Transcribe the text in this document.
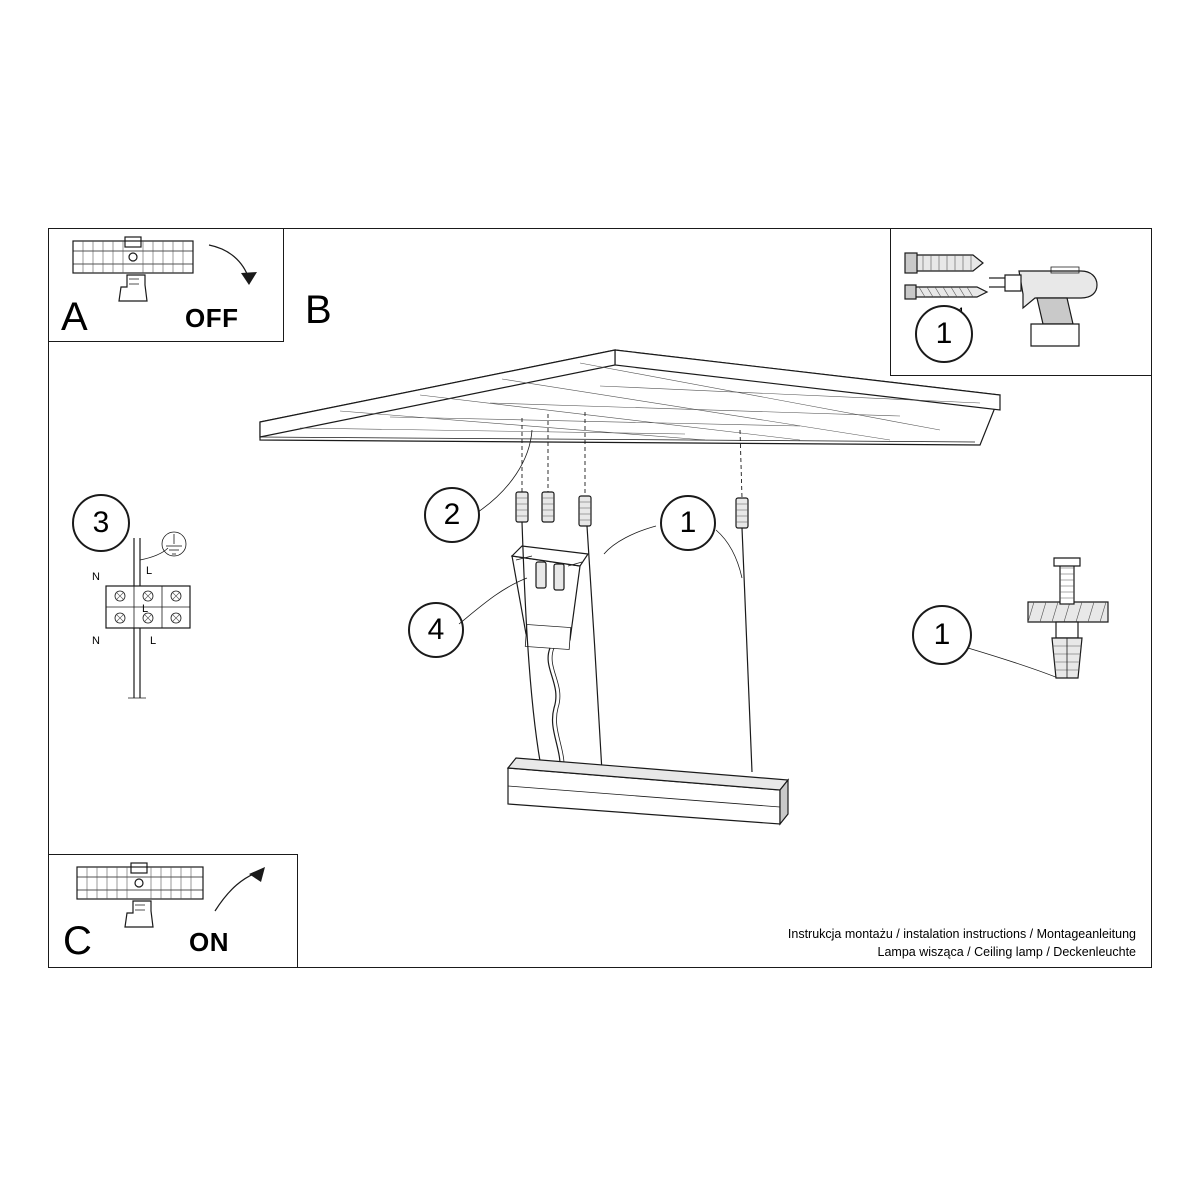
A	OFF B
1
2	1
4	1
3
N	L
N	L
L
C	ON	Instrukcja montażu / instalation instructions / Montageanleitung
Lampa wisząca / Ceiling lamp / Deckenleuchte
